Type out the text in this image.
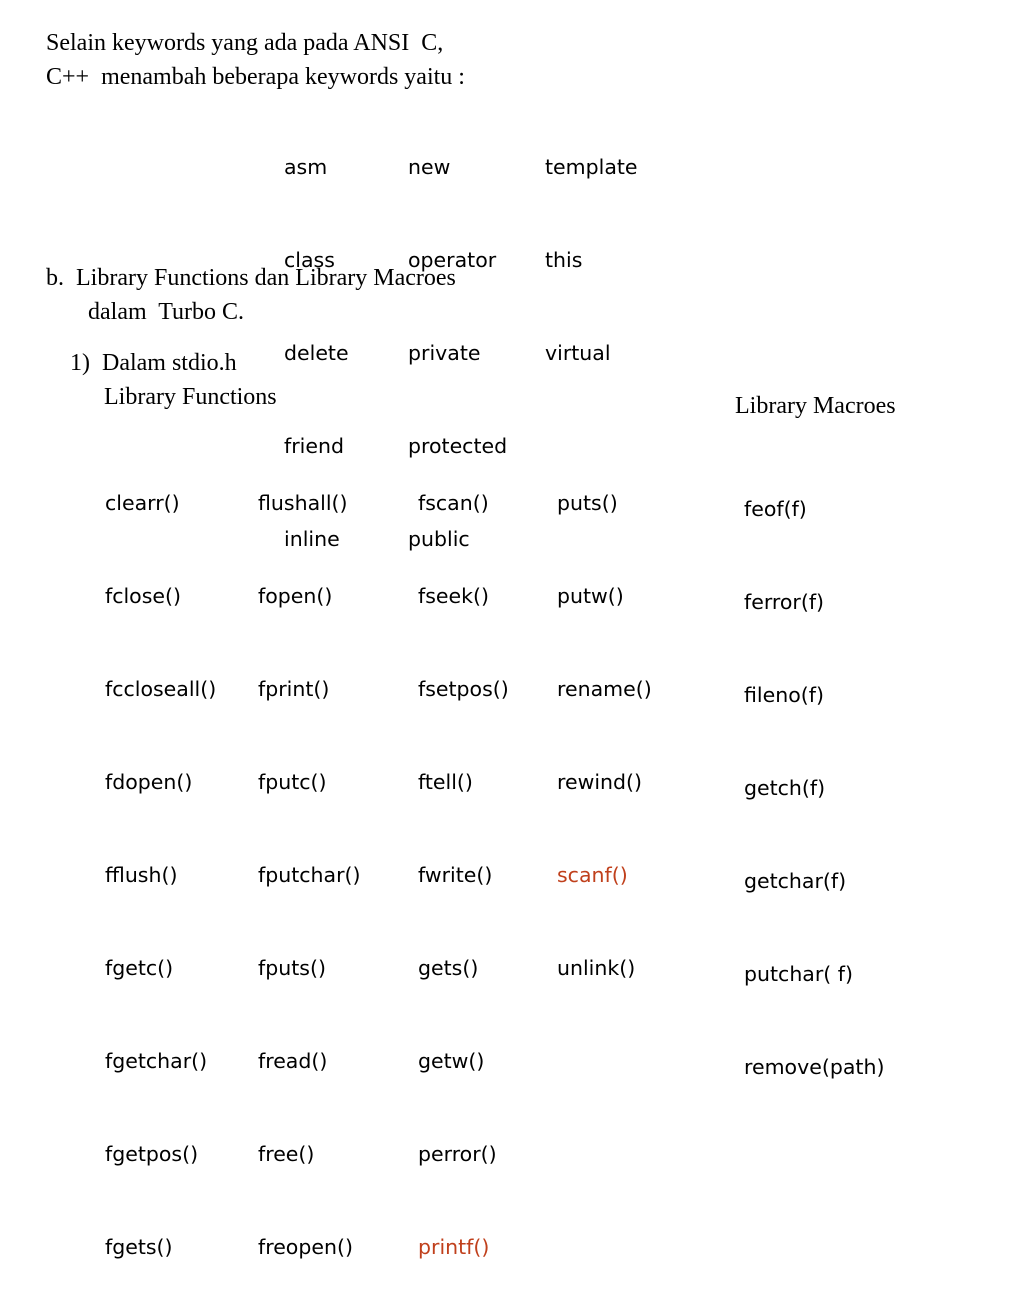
Selain keywords yang ada pada ANSI  C,
C++  menambah beberapa keywords yaitu :

asm

class

delete

friend

inline

new

operator

private

protected

public

template

this

virtual

b.  Library Functions dan Library Macroes
dalam  Turbo C.
1)  Dalam stdio.h
Library Functions	Library Macroes

clearr()

fclose()

fccloseall()

fdopen()

fflush()

fgetc()

fgetchar()

fgetpos()

fgets()

flushall()

fopen()

fprint()

fputc()

fputchar()

fputs()

fread()

free()

freopen()

fscan()

fseek()

fsetpos()

ftell()

fwrite()

gets()

getw()

perror()

printf()

puts()

putw()

rename()

rewind()

scanf()

unlink()

feof(f)

ferror(f)

fileno(f)

getch(f)

getchar(f)

putchar( f)

remove(path)
